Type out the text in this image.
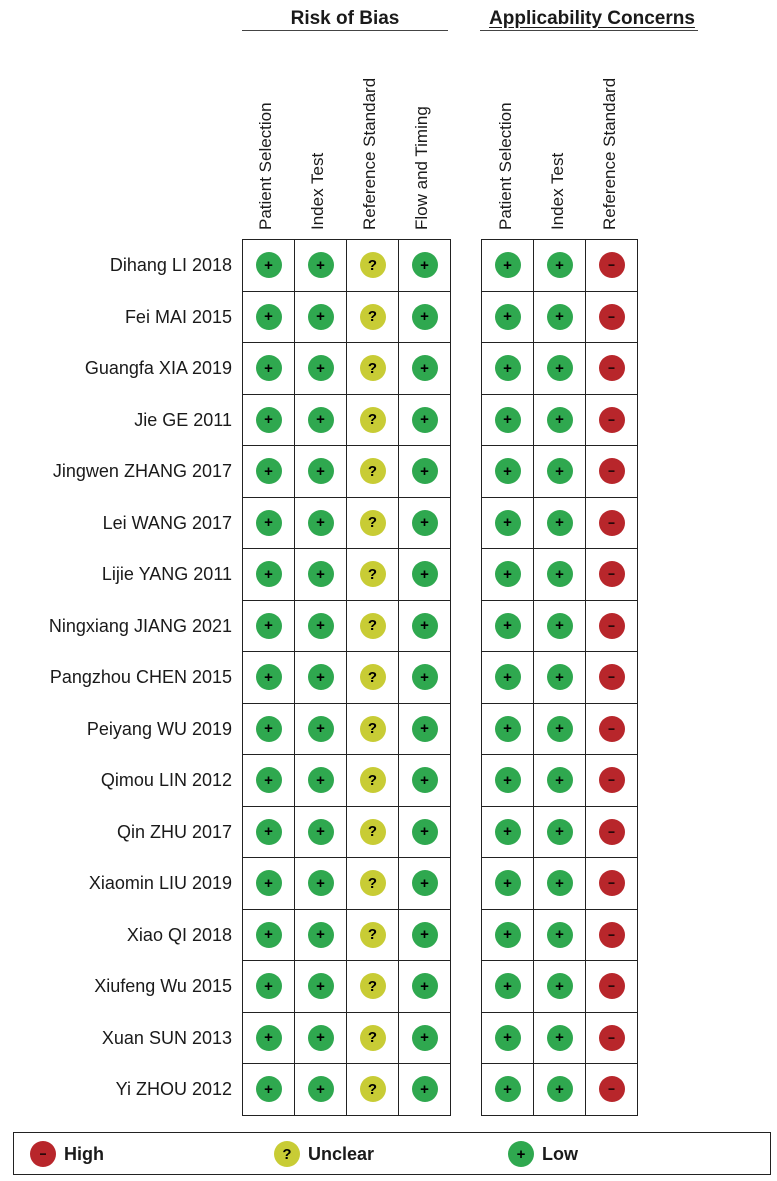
Risk of Bias	Applicability Concerns
Patient Selection Index Test Reference Standard Flow and Timing	Patient Selection Index Test Reference Standard
Dihang LI 2018	+	+	?	+	+	+	−
Fei MAI 2015	+	+	?	+	+	+	−
Guangfa XIA 2019	+	+	?	+	+	+	−
Jie GE 2011	+	+	?	+	+	+	−
Jingwen ZHANG 2017	+	+	?	+	+	+	−
Lei WANG 2017	+	+	?	+	+	+	−
Lijie YANG 2011	+	+	?	+	+	+	−
Ningxiang JIANG 2021	+	+	?	+	+	+	−
Pangzhou CHEN 2015	+	+	?	+	+	+	−
Peiyang WU 2019	+	+	?	+	+	+	−
Qimou LIN 2012	+	+	?	+	+	+	−
Qin ZHU 2017	+	+	?	+	+	+	−
Xiaomin LIU 2019	+	+	?	+	+	+	−
Xiao QI 2018	+	+	?	+	+	+	−
Xiufeng Wu 2015	+	+	?	+	+	+	−
Xuan SUN 2013	+	+	?	+	+	+	−
Yi ZHOU 2012	+	+	?	+	+	+	−
− High	? Unclear	+ Low
